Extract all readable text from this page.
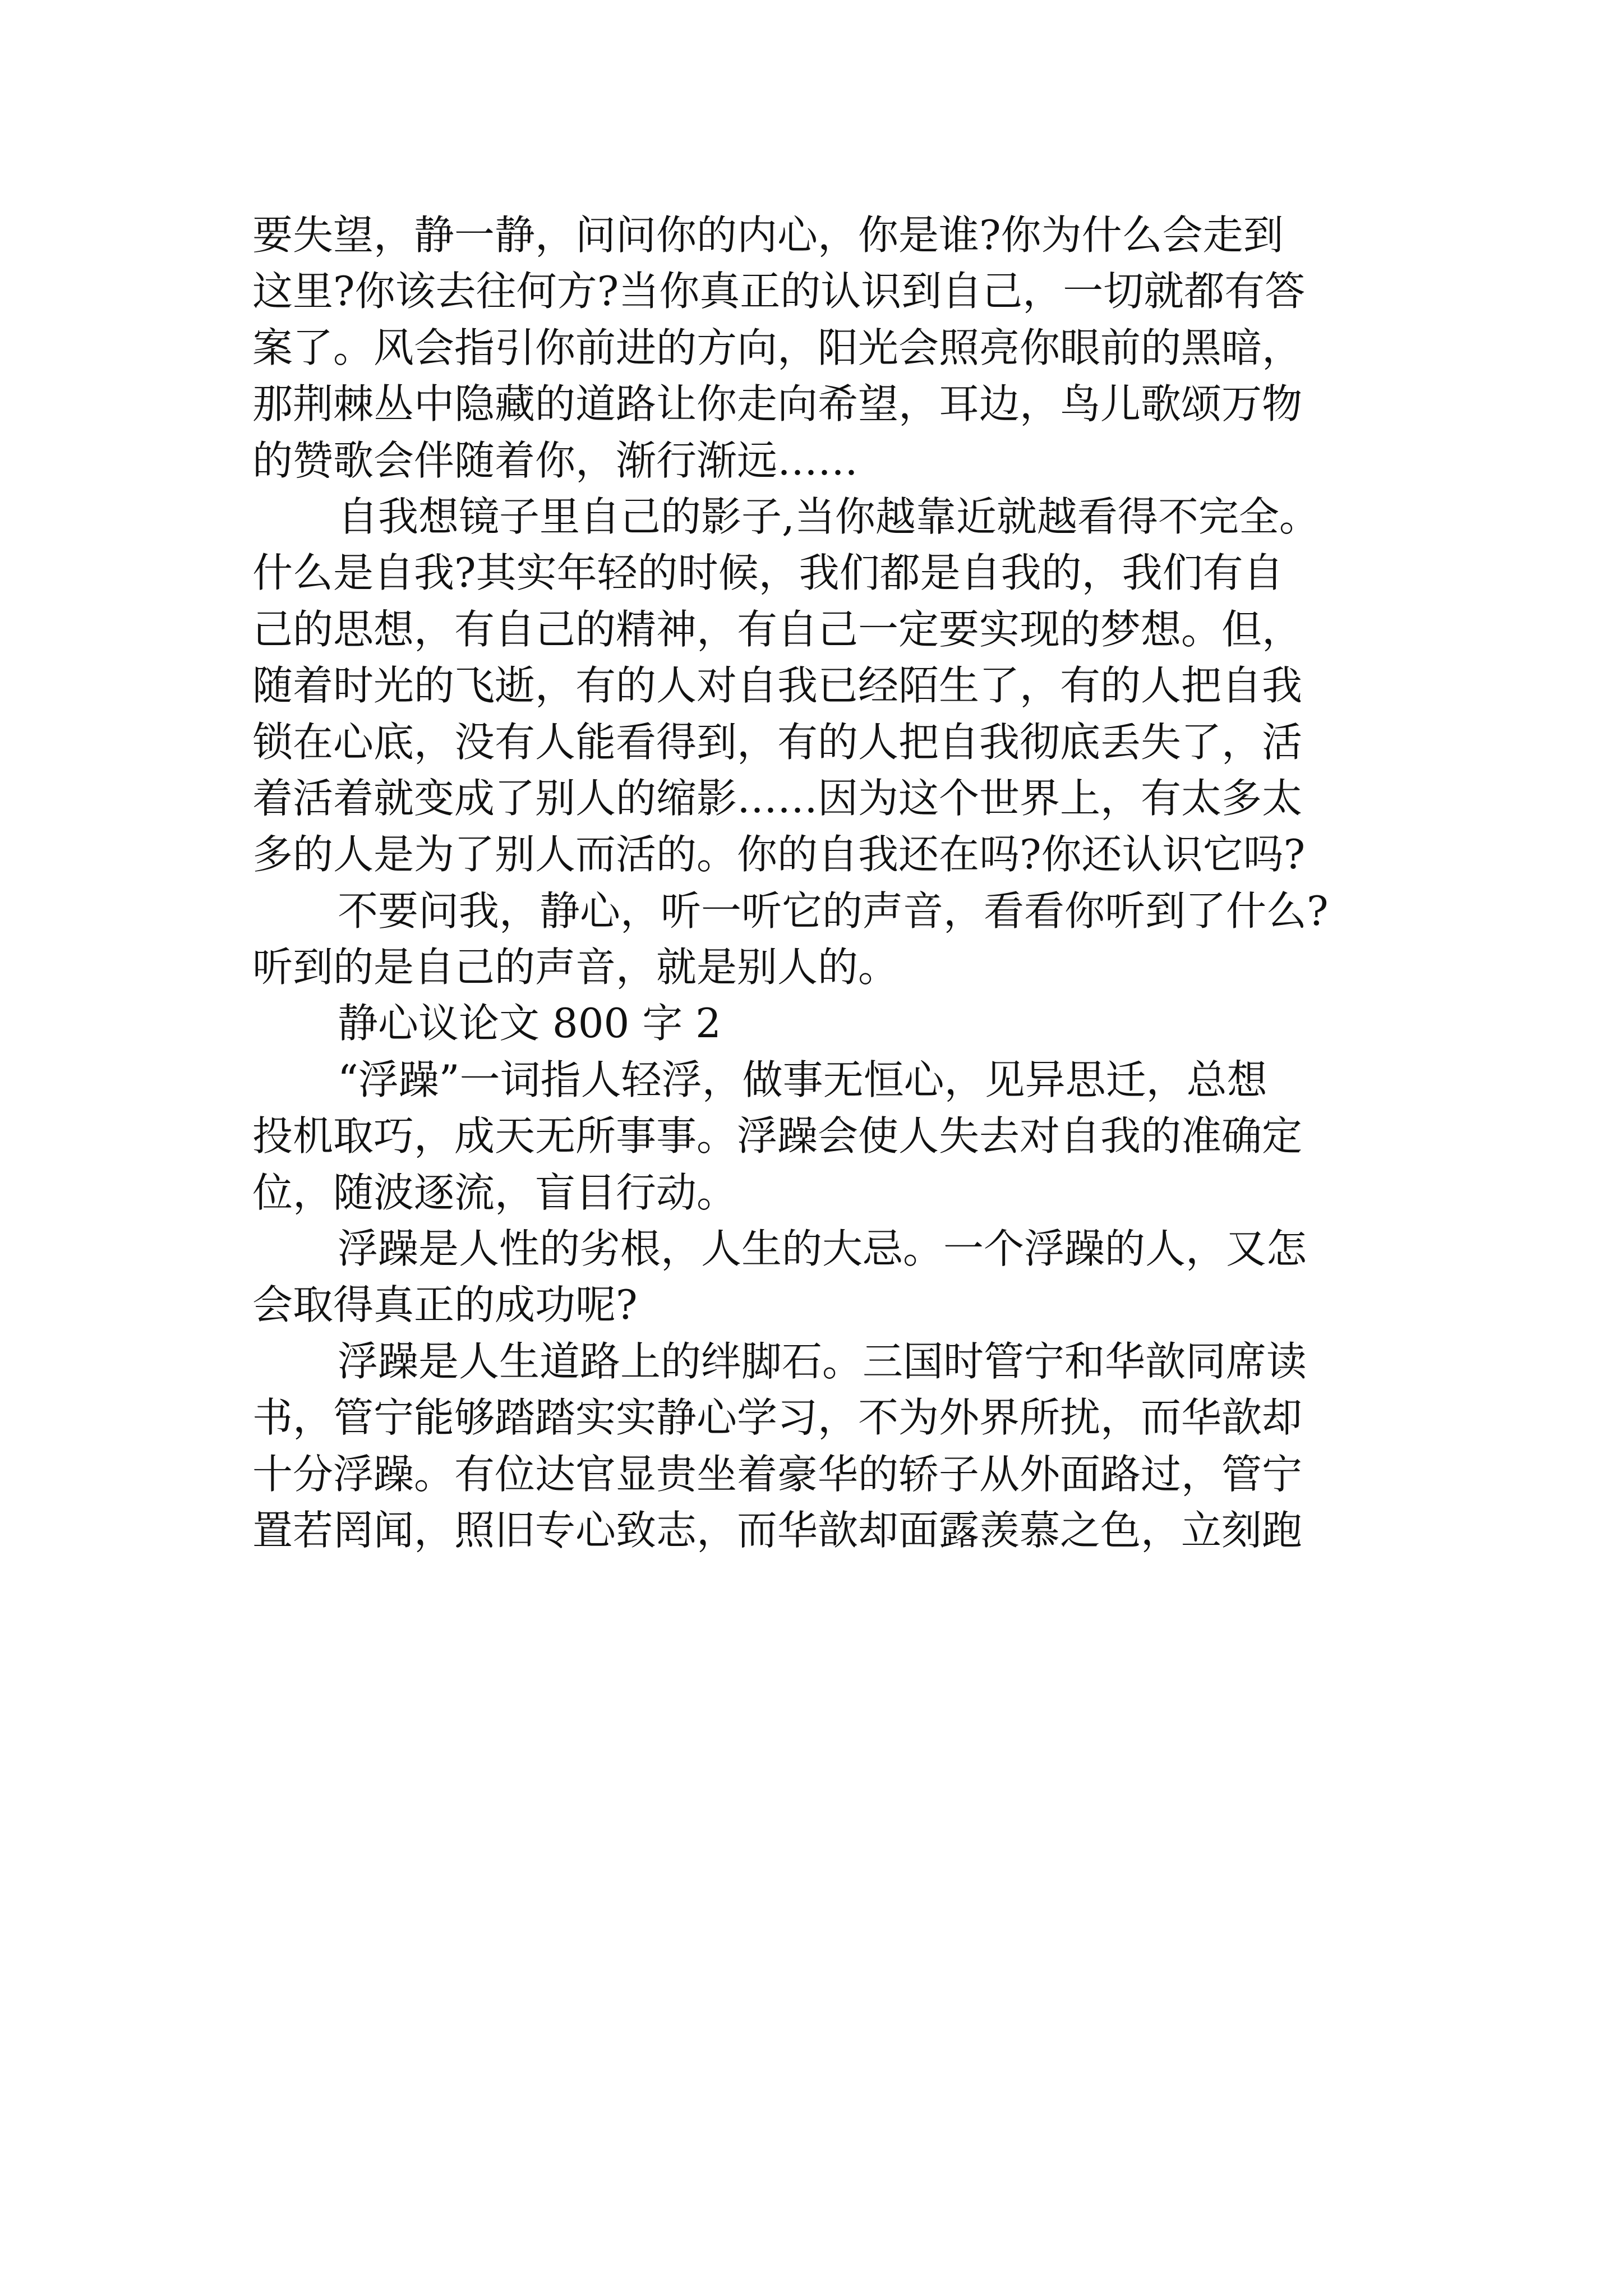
要失望，静一静，问问你的内心，你是谁?你为什么会走到
这里?你该去往何方?当你真正的认识到自己，一切就都有答
案了。风会指引你前进的方向，阳光会照亮你眼前的黑暗，
那荆棘丛中隐藏的道路让你走向希望，耳边，鸟儿歌颂万物
的赞歌会伴随着你，渐行渐远……
自我想镜子里自己的影子,当你越靠近就越看得不完全。
什么是自我?其实年轻的时候，我们都是自我的，我们有自
己的思想，有自己的精神，有自己一定要实现的梦想。但，
随着时光的飞逝，有的人对自我已经陌生了，有的人把自我
锁在心底，没有人能看得到，有的人把自我彻底丢失了，活
着活着就变成了别人的缩影……因为这个世界上，有太多太
多的人是为了别人而活的。你的自我还在吗?你还认识它吗?
不要问我，静心，听一听它的声音，看看你听到了什么?
听到的是自己的声音，就是别人的。
静心议论文 800 字 2
“浮躁”一词指人轻浮，做事无恒心，见异思迁，总想
投机取巧，成天无所事事。浮躁会使人失去对自我的准确定
位，随波逐流，盲目行动。
浮躁是人性的劣根，人生的大忌。一个浮躁的人，又怎
会取得真正的成功呢?
浮躁是人生道路上的绊脚石。三国时管宁和华歆同席读
书，管宁能够踏踏实实静心学习，不为外界所扰，而华歆却
十分浮躁。有位达官显贵坐着豪华的轿子从外面路过，管宁
置若罔闻，照旧专心致志，而华歆却面露羡慕之色，立刻跑
